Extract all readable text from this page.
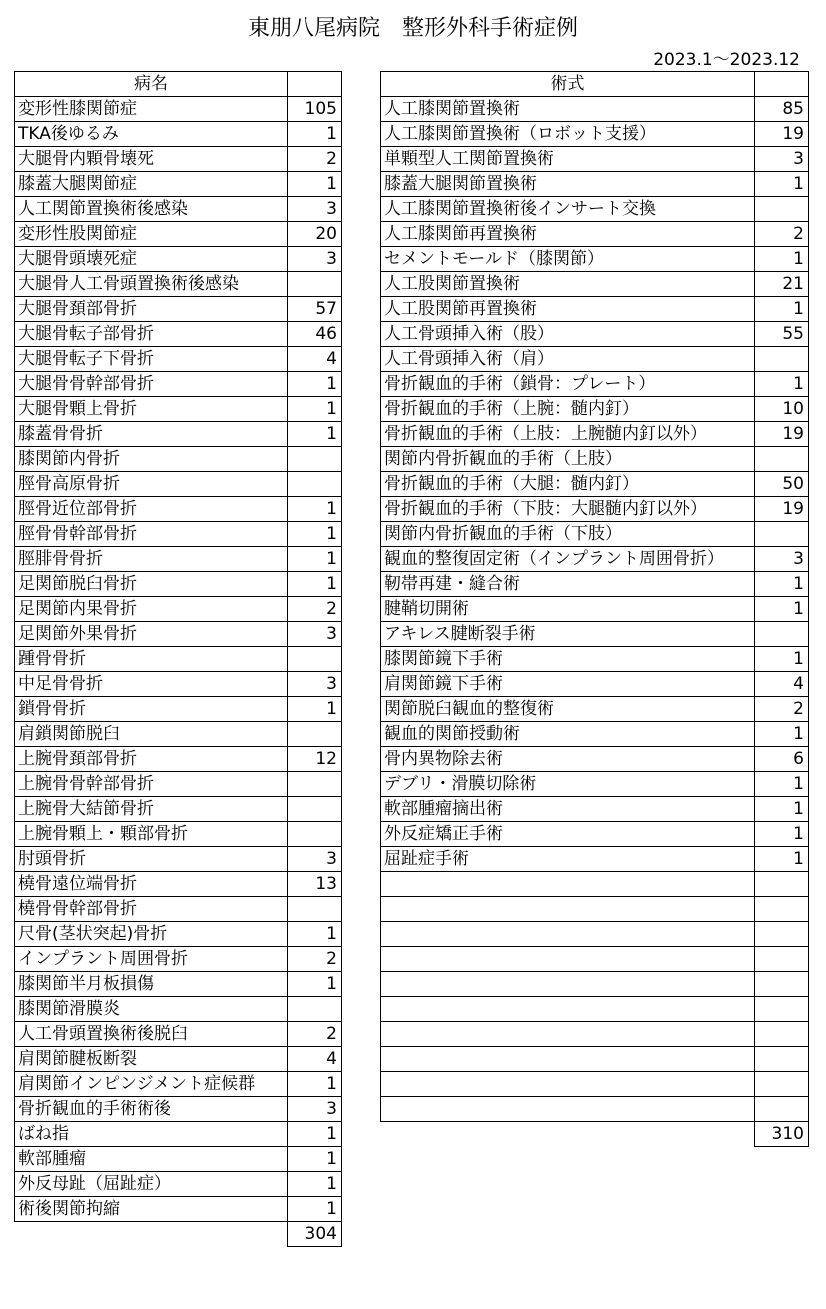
東朋八尾病院　整形外科手術症例
2023.1～2023.12
病名	
変形性膝関節症	105
TKA後ゆるみ	1
大腿骨内顆骨壊死	2
膝蓋大腿関節症	1
人工関節置換術後感染	3
変形性股関節症	20
大腿骨頭壊死症	3
大腿骨人工骨頭置換術後感染	
大腿骨頚部骨折	57
大腿骨転子部骨折	46
大腿骨転子下骨折	4
大腿骨骨幹部骨折	1
大腿骨顆上骨折	1
膝蓋骨骨折	1
膝関節内骨折	
脛骨高原骨折	
脛骨近位部骨折	1
脛骨骨幹部骨折	1
脛腓骨骨折	1
足関節脱臼骨折	1
足関節内果骨折	2
足関節外果骨折	3
踵骨骨折	
中足骨骨折	3
鎖骨骨折	1
肩鎖関節脱臼	
上腕骨頚部骨折	12
上腕骨骨幹部骨折	
上腕骨大結節骨折	
上腕骨顆上・顆部骨折	
肘頭骨折	3
橈骨遠位端骨折	13
橈骨骨幹部骨折	
尺骨(茎状突起)骨折	1
インプラント周囲骨折	2
膝関節半月板損傷	1
膝関節滑膜炎	
人工骨頭置換術後脱臼	2
肩関節腱板断裂	4
肩関節インピンジメント症候群	1
骨折観血的手術術後	3
ばね指	1
軟部腫瘤	1
外反母趾（屈趾症）	1
術後関節拘縮	1
	304
術式	
人工膝関節置換術	85
人工膝関節置換術（ロボット支援）	19
単顆型人工関節置換術	3
膝蓋大腿関節置換術	1
人工膝関節置換術後インサート交換	
人工膝関節再置換術	2
セメントモールド（膝関節）	1
人工股関節置換術	21
人工股関節再置換術	1
人工骨頭挿入術（股）	55
人工骨頭挿入術（肩）	
骨折観血的手術（鎖骨：プレート）	1
骨折観血的手術（上腕：髄内釘）	10
骨折観血的手術（上肢：上腕髄内釘以外）	19
関節内骨折観血的手術（上肢）	
骨折観血的手術（大腿：髄内釘）	50
骨折観血的手術（下肢：大腿髄内釘以外）	19
関節内骨折観血的手術（下肢）	
観血的整復固定術（インプラント周囲骨折）	3
靭帯再建・縫合術	1
腱鞘切開術	1
アキレス腱断裂手術	
膝関節鏡下手術	1
肩関節鏡下手術	4
関節脱臼観血的整復術	2
観血的関節授動術	1
骨内異物除去術	6
デブリ・滑膜切除術	1
軟部腫瘤摘出術	1
外反症矯正手術	1
屈趾症手術	1

	310
